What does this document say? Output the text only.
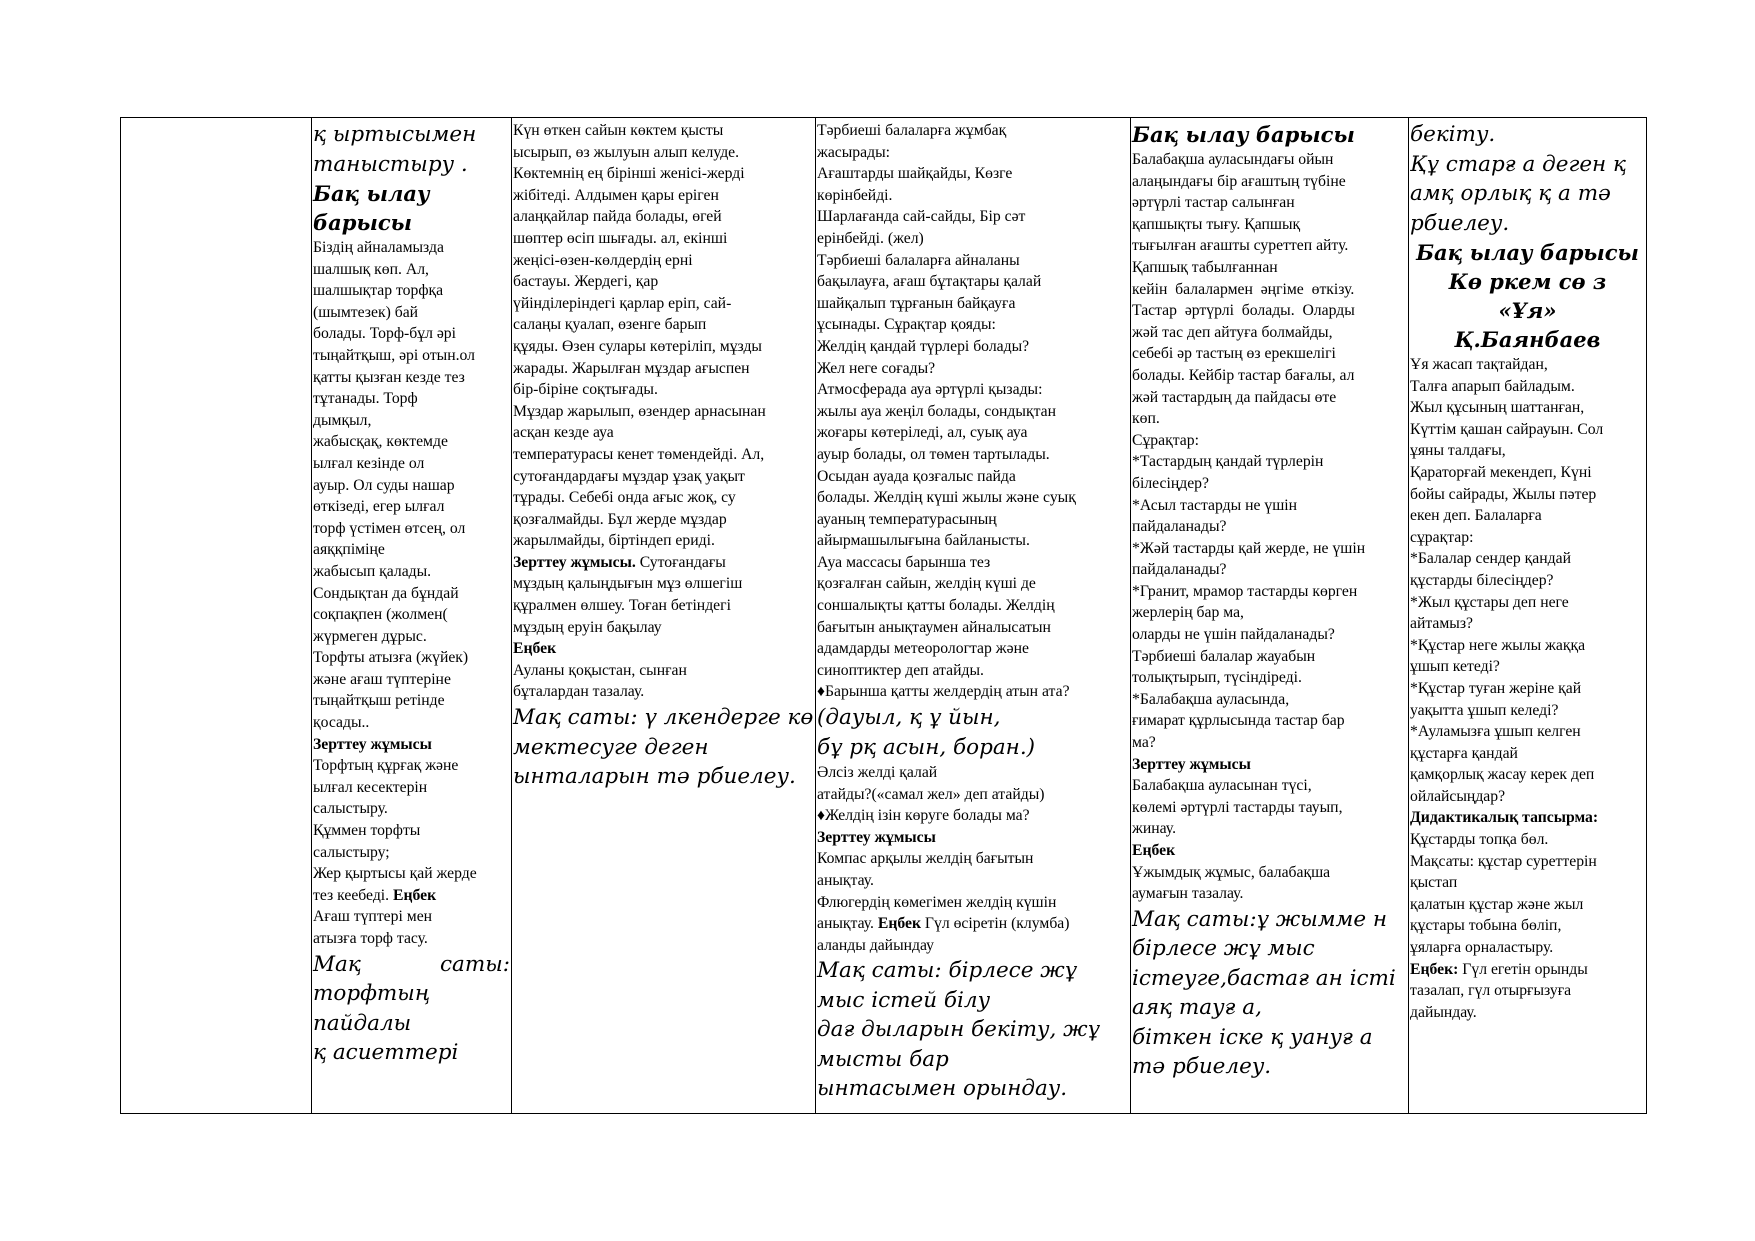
қ ыртысымен

таныстыру .

Бақ ылау

барысы

Біздің айналамызда

шалшық көп. Ал,

шалшықтар торфқа

(шымтезек) бай

болады. Торф-бұл әрі

тыңайтқыш, әрі отын.ол

қатты қызған кезде тез

тұтанады. Торф

дымқыл,

жабысқақ, көктемде

ылғал кезінде ол

ауыр. Ол суды нашар

өткізеді, егер ылғал

торф үстімен өтсең, ол

аяққпіміңе

жабысып қалады.

Сондықтан да бұндай

соқпақпен (жолмен(

жүрмеген дұрыс.

Торфты атызға (жүйек)

және ағаш түптеріне

тыңайтқыш ретінде

қосады..

Зерттеу жұмысы

Торфтың құрғақ және

ылғал кесектерін

салыстыру.

Құммен торфты

салыстыру;

Жер қыртысы қай жерде

тез кеебеді. Еңбек

Ағаш түптері мен

атызға торф тасу.

Мақ	саты:

торфтың

пайдалы

қ асиеттері

Күн өткен сайын көктем қысты

ысырып, өз жылуын алып келуде.

Көктемнің ең бірінші женісі-жерді

жібітеді. Алдымен қары еріген

алаңқайлар пайда болады, өгей

шөптер өсіп шығады. ал, екінші

жеңісі-өзен-көлдердің ерні

бастауы. Жердегі, қар

үйінділеріндегі қарлар еріп, сай-

салаңы қуалап, өзенге барып

құяды. Өзен сулары көтеріліп, мұзды

жарады. Жарылған мұздар ағыспен

бір-біріне соқтығады.

Мұздар жарылып, өзендер арнасынан

асқан кезде ауа

температурасы кенет төмендейді. Ал,

сутоғандардағы мұздар ұзақ уақыт

тұрады. Себебі онда ағыс жоқ, су

қозғалмайды. Бұл жерде мұздар

жарылмайды, біртіндеп ериді.

Зерттеу жұмысы. Сутоғандағы

мұздың қалыңдығын мұз өлшегіш

құралмен өлшеу. Тоған бетіндегі

мұздың еруін бақылау

Еңбек

Ауланы қоқыстан, сынған

бұталардан тазалау.

Мақ саты: ү лкендерге кө

мектесуге деген

ынталарын тә рбиелеу.

Тәрбиеші балаларға жұмбақ

жасырады:

Ағаштарды шайқайды, Көзге

көрінбейді.

Шарлағанда сай-сайды, Бір сәт

ерінбейді. (жел)

Тәрбиеші балаларға айналаны

бақылауға, ағаш бұтақтары қалай

шайқалып тұрғанын байқауға

ұсынады. Сұрақтар қояды:

Желдің қандай түрлері болады?

Жел неге соғады?

Атмосферада ауа әртүрлі қызады:

жылы ауа жеңіл болады, сондықтан

жоғары көтеріледі, ал, суық ауа

ауыр болады, ол төмен тартылады.

Осыдан ауада қозғалыс пайда

болады. Желдің күші жылы және суық

ауаның температурасының

айырмашылығына байланысты.

Ауа массасы барынша тез

қозғалған сайын, желдің күші де

соншалықты қатты болады. Желдің

бағытын анықтаумен айналысатын

адамдарды метеорологтар және

синоптиктер деп атайды.

♦Барынша қатты желдердің атын ата?

(дауыл, қ ұ йын,

бұ рқ асын, боран.)

Әлсіз желді қалай

атайды?(«самал жел» деп атайды)

♦Желдің ізін көруге болады ма?

Зерттеу жұмысы

Компас арқылы желдің бағытын

анықтау.

Флюгердің көмегімен желдің күшін

анықтау. Еңбек Гүл өсіретін (клумба)

аланды дайындау

Мақ саты: бірлесе жұ

мыс істей білу

дағ дыларын бекіту, жұ

мысты бар

ынтасымен орындау.

Бақ ылау барысы

Балабақша ауласындағы ойын

алаңындағы бір ағаштың түбіне

әртүрлі тастар салынған

қапшықты тығу. Қапшық

тығылған ағашты суреттеп айту.

Қапшық табылғаннан

кейін  балалармен  әңгіме  өткізу.

Тастар  әртүрлі  болады.  Оларды

жәй тас деп айтуға болмайды,

себебі әр тастың өз ерекшелігі

болады. Кейбір тастар бағалы, ал

жәй тастардың да пайдасы өте

көп.

Сұрақтар:

*Тастардың қандай түрлерін

білесіңдер?

*Асыл тастарды не үшін

пайдаланады?

*Жәй тастарды қай жерде, не үшін

пайдаланады?

*Гранит, мрамор тастарды көрген

жерлерің бар ма,

оларды не үшін пайдаланады?

Тәрбиеші балалар жауабын

толықтырып, түсіндіреді.

*Балабақша ауласында,

ғимарат құрлысында тастар бар

ма?

Зерттеу жұмысы

Балабақша ауласынан түсі,

көлемі әртүрлі тастарды тауып,

жинау.

Еңбек

Ұжымдық жұмыс, балабақша

аумағын тазалау.

Мақ саты:ұ жымме н

бірлесе жұ мыс

істеуге,бастағ ан істі

аяқ тауғ а,

біткен іске қ уануғ а

тә рбиелеу.

бекіту.

Құ старғ а деген қ

амқ орлық қ а тә

рбиелеу.

Бақ ылау барысы

Кө ркем сө з

«Ұя»

Қ.Баянбаев

Ұя жасап тақтайдан,

Талға апарып байладым.

Жыл құсының шаттанған,

Күттім қашан сайрауын. Сол

ұяны талдағы,

Қараторғай мекендеп, Күні

бойы сайрады, Жылы пәтер

екен деп. Балаларға

сұрақтар:

*Балалар сендер қандай

құстарды білесіңдер?

*Жыл құстары деп неге

айтамыз?

*Құстар неге жылы жаққа

ұшып кетеді?

*Құстар туған жеріне қай

уақытта ұшып келеді?

*Ауламызға ұшып келген

құстарға қандай

қамқорлық жасау керек деп

ойлайсыңдар?

Дидактикалық тапсырма:

Құстарды топқа бөл.

Мақсаты: құстар суреттерін

қыстап

қалатын құстар және жыл

құстары тобына бөліп,

ұяларға орналастыру.

Еңбек: Гүл егетін орынды

тазалап, гүл отырғызуға

дайындау.
